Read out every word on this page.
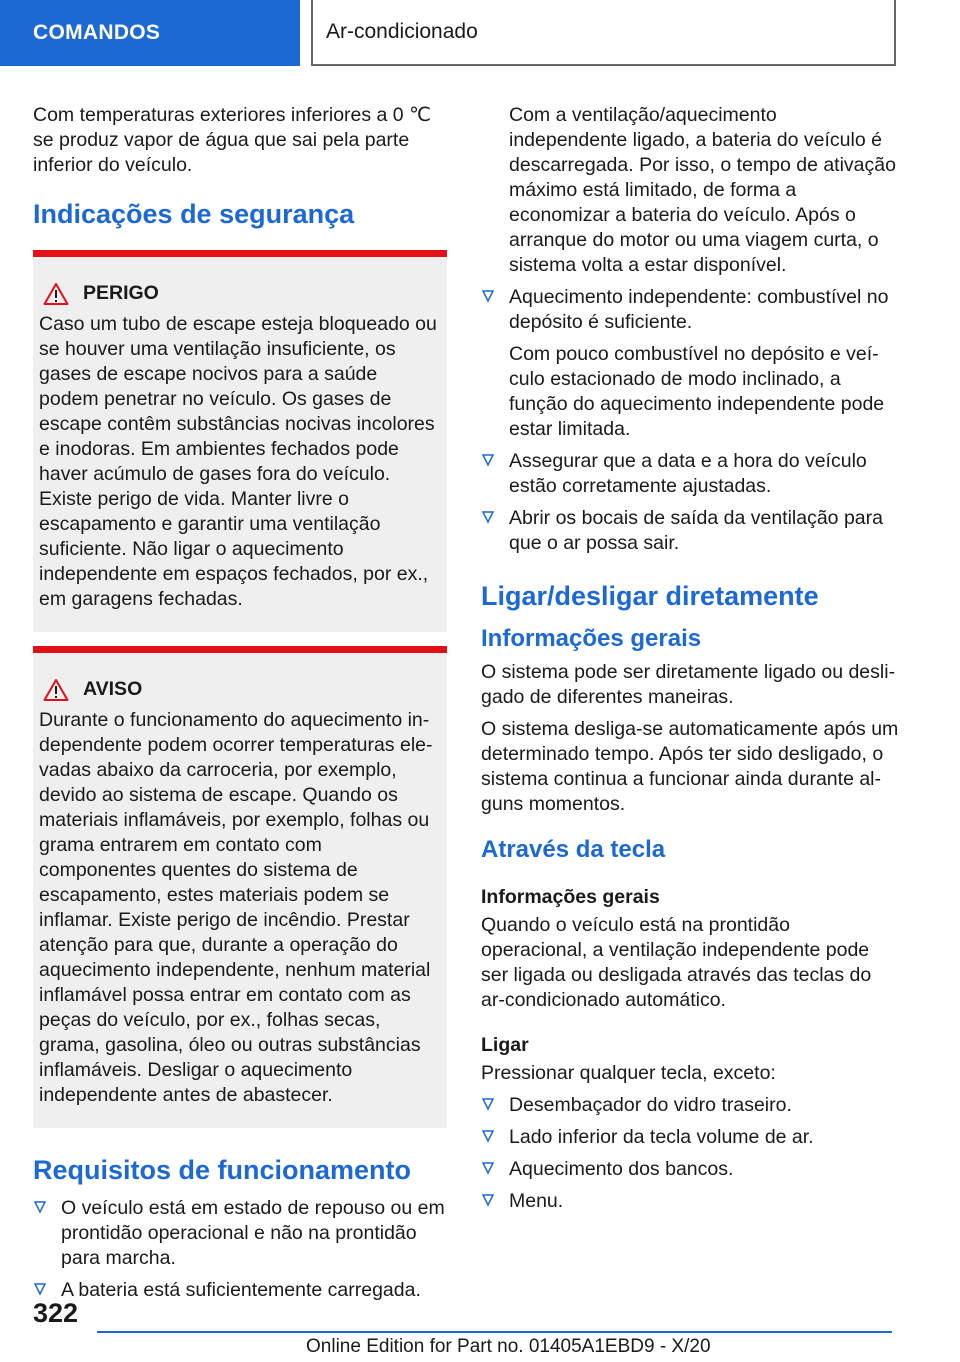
COMANDOS	Ar-condicionado

Com temperaturas exteriores inferiores a 0 ℃ se produz vapor de água que sai pela parte inferior do veículo.

Indicações de segurança
PERIGO

Caso um tubo de escape esteja bloqueado ou se houver uma ventilação insuficiente, os gases de escape nocivos para a saúde podem penetrar no veículo. Os gases de escape contêm substâncias nocivas incolores e inodoras. Em ambientes fechados pode haver acúmulo de gases fora do veículo. Existe perigo de vida. Manter livre o escapamento e garantir uma ventilação suficiente. Não ligar o aquecimento independente em espaços fechados, por ex., em garagens fechadas.

AVISO

Durante o funcionamento do aquecimento independente podem ocorrer temperaturas elevadas abaixo da carroceria, por exemplo, devido ao sistema de escape. Quando os materiais inflamáveis, por exemplo, folhas ou grama entrarem em contato com componentes quentes do sistema de escapamento, estes materiais podem se inflamar. Existe perigo de incêndio. Prestar atenção para que, durante a operação do aquecimento independente, nenhum material inflamável possa entrar em contato com as peças do veículo, por ex., folhas secas, grama, gasolina, óleo ou outras substâncias inflamáveis. Desligar o aquecimento independente antes de abastecer.

Requisitos de funcionamento
O veículo está em estado de repouso ou em prontidão operacional e não na prontidão para marcha.
A bateria está suficientemente carregada.

Com a ventilação/aquecimento independente ligado, a bateria do veículo é descarregada. Por isso, o tempo de ativação máximo está limitado, de forma a economizar a bateria do veículo. Após o arranque do motor ou uma viagem curta, o sistema volta a estar disponível.

Aquecimento independente: combustível no depósito é suficiente.

Com pouco combustível no depósito e veículo estacionado de modo inclinado, a função do aquecimento independente pode estar limitada.

Assegurar que a data e a hora do veículo estão corretamente ajustadas.

Abrir os bocais de saída da ventilação para que o ar possa sair.

Ligar/desligar diretamente
Informações gerais

O sistema pode ser diretamente ligado ou desligado de diferentes maneiras.

O sistema desliga-se automaticamente após um determinado tempo. Após ter sido desligado, o sistema continua a funcionar ainda durante alguns momentos.

Através da tecla
Informações gerais

Quando o veículo está na prontidão operacional, a ventilação independente pode ser ligada ou desligada através das teclas do ar-condicionado automático.

Ligar

Pressionar qualquer tecla, exceto:

Desembaçador do vidro traseiro.
Lado inferior da tecla volume de ar.
Aquecimento dos bancos.
Menu.
322
Online Edition for Part no. 01405A1EBD9 - X/20
